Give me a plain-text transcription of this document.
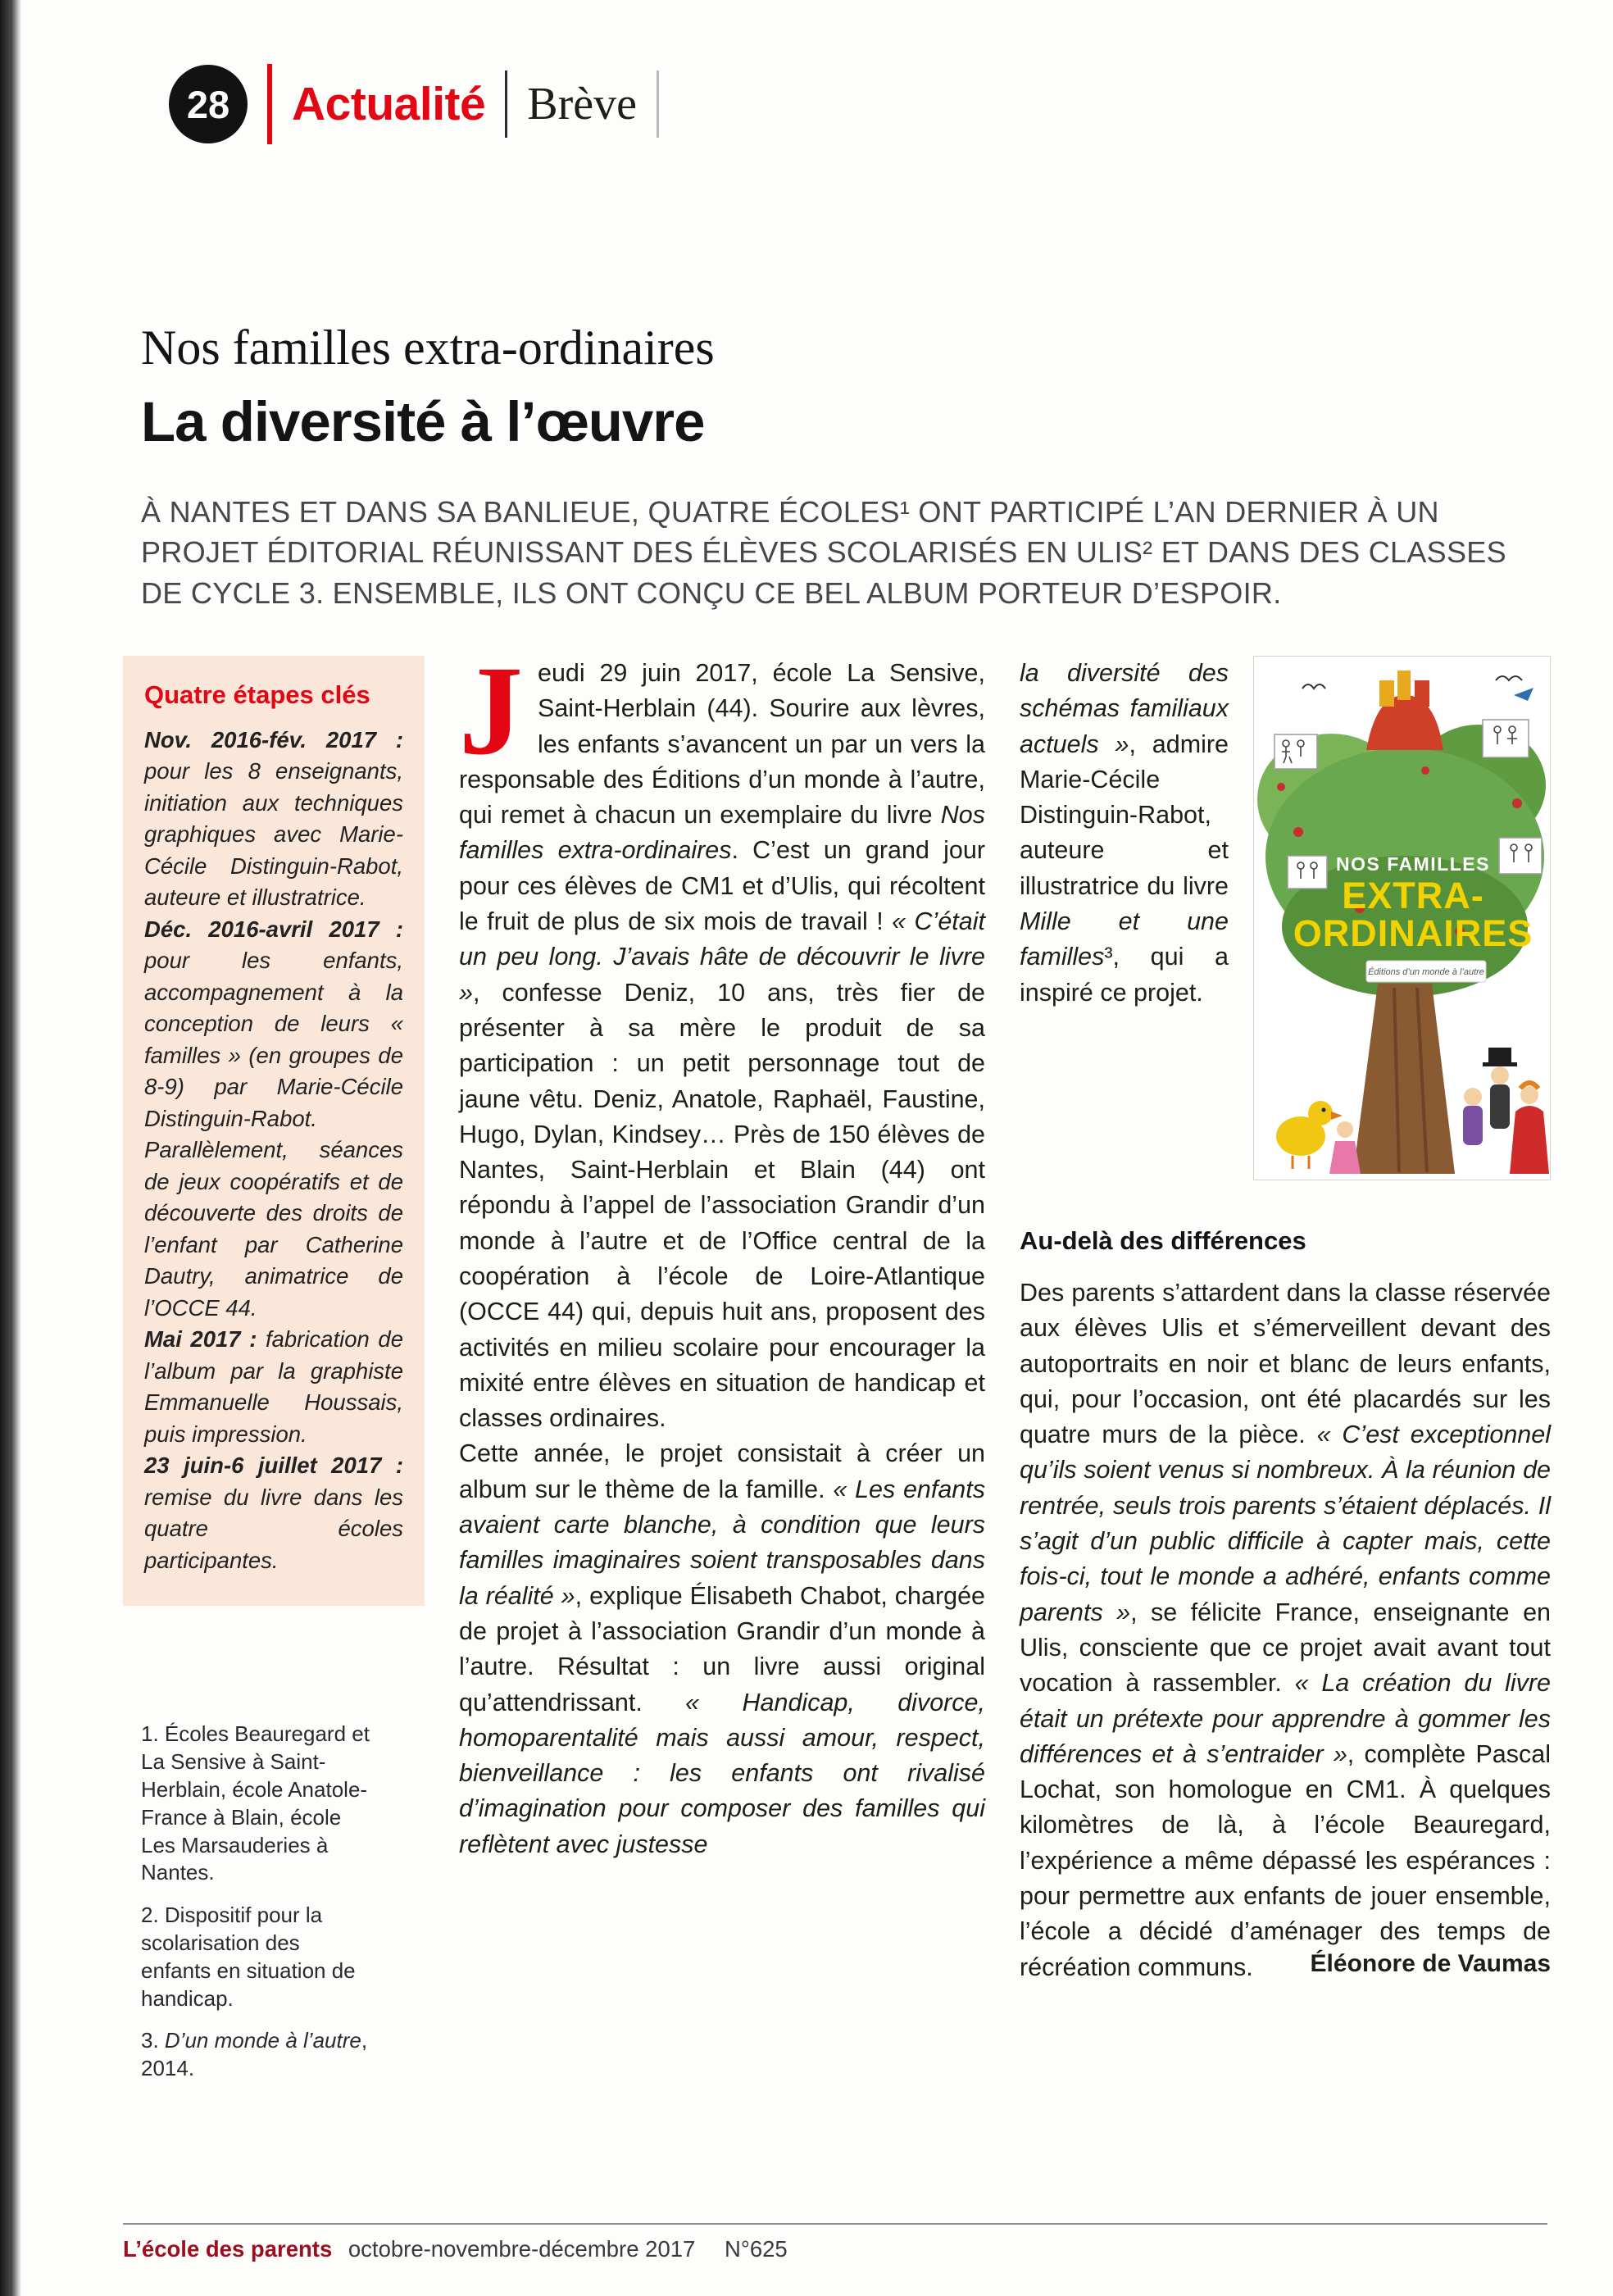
28	Actualité Brève
Nos familles extra-ordinaires
La diversité à l’œuvre

À NANTES ET DANS SA BANLIEUE, QUATRE ÉCOLES¹ ONT PARTICIPÉ L’AN DERNIER À UN PROJET ÉDITORIAL RÉUNISSANT DES ÉLÈVES SCOLARISÉS EN ULIS² ET DANS DES CLASSES DE CYCLE 3. ENSEMBLE, ILS ONT CONÇU CE BEL ALBUM PORTEUR D’ESPOIR.

Quatre étapes clés

Nov. 2016-fév. 2017 : pour les 8 enseignants, initiation aux techniques graphiques avec Marie-Cécile Distinguin-Rabot, auteure et illustratrice.

Déc. 2016-avril 2017 : pour les enfants, accompagnement à la conception de leurs « familles » (en groupes de 8-9) par Marie-Cécile Distinguin-Rabot. Parallèlement, séances de jeux coopératifs et de découverte des droits de l’enfant par Catherine Dautry, animatrice de l’OCCE 44.

Mai 2017 : fabrication de l’album par la graphiste Emmanuelle Houssais, puis impression.

23 juin-6 juillet 2017 : remise du livre dans les quatre écoles participantes.

1. Écoles Beauregard et La Sensive à Saint-Herblain, école Anatole-France à Blain, école Les Marsauderies à Nantes.

2. Dispositif pour la scolarisation des enfants en situation de handicap.

3. D’un monde à l’autre, 2014.

Jeudi 29 juin 2017, école La Sensive, Saint-Herblain (44). Sourire aux lèvres, les enfants s’avancent un par un vers la responsable des Éditions d’un monde à l’autre, qui remet à chacun un exemplaire du livre Nos familles extra-ordinaires. C’est un grand jour pour ces élèves de CM1 et d’Ulis, qui récoltent le fruit de plus de six mois de travail ! « C’était un peu long. J’avais hâte de découvrir le livre », confesse Deniz, 10 ans, très fier de présenter à sa mère le produit de sa participation : un petit personnage tout de jaune vêtu. Deniz, Anatole, Raphaël, Faustine, Hugo, Dylan, Kindsey… Près de 150 élèves de Nantes, Saint-Herblain et Blain (44) ont répondu à l’appel de l’association Grandir d’un monde à l’autre et de l’Office central de la coopération à l’école de Loire-Atlantique (OCCE 44) qui, depuis huit ans, proposent des activités en milieu scolaire pour encourager la mixité entre élèves en situation de handicap et classes ordinaires.

Cette année, le projet consistait à créer un album sur le thème de la famille. « Les enfants avaient carte blanche, à condition que leurs familles imaginaires soient transposables dans la réalité », explique Élisabeth Chabot, chargée de projet à l’association Grandir d’un monde à l’autre. Résultat : un livre aussi original qu’attendrissant. « Handicap, divorce, homoparentalité mais aussi amour, respect, bienveillance : les enfants ont rivalisé d’imagination pour composer des familles qui reflètent avec justesse

la diversité des schémas familiaux actuels », admire Marie-Cécile Distinguin-Rabot, auteure et illustratrice du livre Mille et une familles³, qui a inspiré ce projet.

NOS FAMILLES
EXTRA-
ORDINAIRES
Éditions d’un monde à l’autre
Au-delà des différences

Des parents s’attardent dans la classe réservée aux élèves Ulis et s’émerveillent devant des autoportraits en noir et blanc de leurs enfants, qui, pour l’occasion, ont été placardés sur les quatre murs de la pièce. « C’est exceptionnel qu’ils soient venus si nombreux. À la réunion de rentrée, seuls trois parents s’étaient déplacés. Il s’agit d’un public difficile à capter mais, cette fois-ci, tout le monde a adhéré, enfants comme parents », se félicite France, enseignante en Ulis, consciente que ce projet avait avant tout vocation à rassembler. « La création du livre était un prétexte pour apprendre à gommer les différences et à s’entraider », complète Pascal Lochat, son homologue en CM1. À quelques kilomètres de là, à l’école Beauregard, l’expérience a même dépassé les espérances : pour permettre aux enfants de jouer ensemble, l’école a décidé d’aménager des temps de récréation communs.	Éléonore de Vaumas
L’école des parents octobre-novembre-décembre 2017 N°625
